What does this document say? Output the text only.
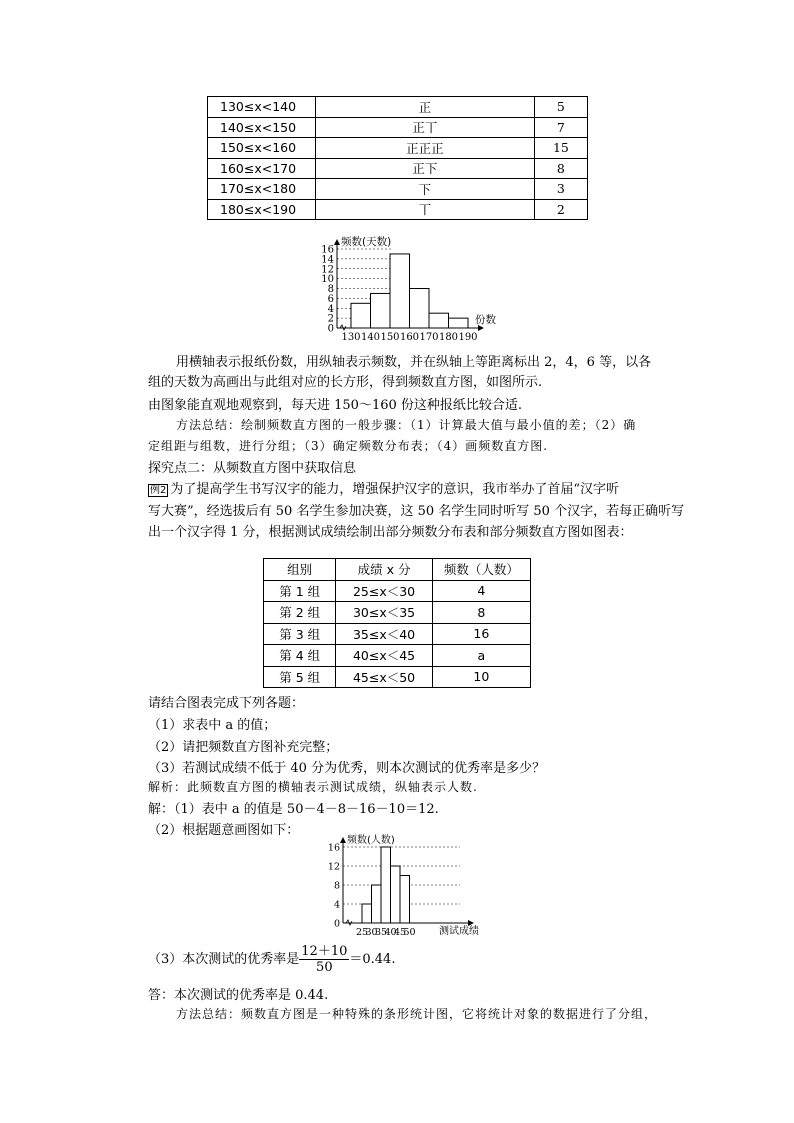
130≤x<140	正	5
140≤x<150	正丅	7
150≤x<160	正正正	15
160≤x<170	正下	8
170≤x<180	下	3
180≤x<190	丅	2
16
14
12
10
8
6
4
2
0
130 140 150 160 170 180 190
频数(天数)
份数
用横轴表示报纸份数，用纵轴表示频数，并在纵轴上等距离标出 2，4，6 等，以各
组的天数为高画出与此组对应的长方形，得到频数直方图，如图所示.
由图象能直观地观察到，每天进 150～160 份这种报纸比较合适.
方法总结：绘制频数直方图的一般步骤：（1）计算最大值与最小值的差；（2）确
定组距与组数，进行分组；（3）确定频数分布表；（4）画频数直方图.
探究点二：从频数直方图中获取信息
例2 为了提高学生书写汉字的能力，增强保护汉字的意识，我市举办了首届“汉字听
写大赛”，经选拔后有 50 名学生参加决赛，这 50 名学生同时听写 50 个汉字，若每正确听写
出一个汉字得 1 分，根据测试成绩绘制出部分频数分布表和部分频数直方图如图表：
组别	成绩 x 分	频数（人数）
第 1 组	25≤x＜30	4
第 2 组	30≤x＜35	8
第 3 组	35≤x＜40	16
第 4 组	40≤x＜45	a
第 5 组	45≤x＜50	10
请结合图表完成下列各题：
（1）求表中 a 的值；
（2）请把频数直方图补充完整；
（3）若测试成绩不低于 40 分为优秀，则本次测试的优秀率是多少？
解析：此频数直方图的横轴表示测试成绩，纵轴表示人数.
解：（1）表中 a 的值是 50－4－8－16－10＝12.
（2）根据题意画图如下：
16
12
8
4
0
25
30
35
40
45
50
频数(人数)
测试成绩
（3）本次测试的优秀率是 $\frac{12+10}{50} =0.44$.
答：本次测试的优秀率是 0.44.
方法总结：频数直方图是一种特殊的条形统计图，它将统计对象的数据进行了分组，
